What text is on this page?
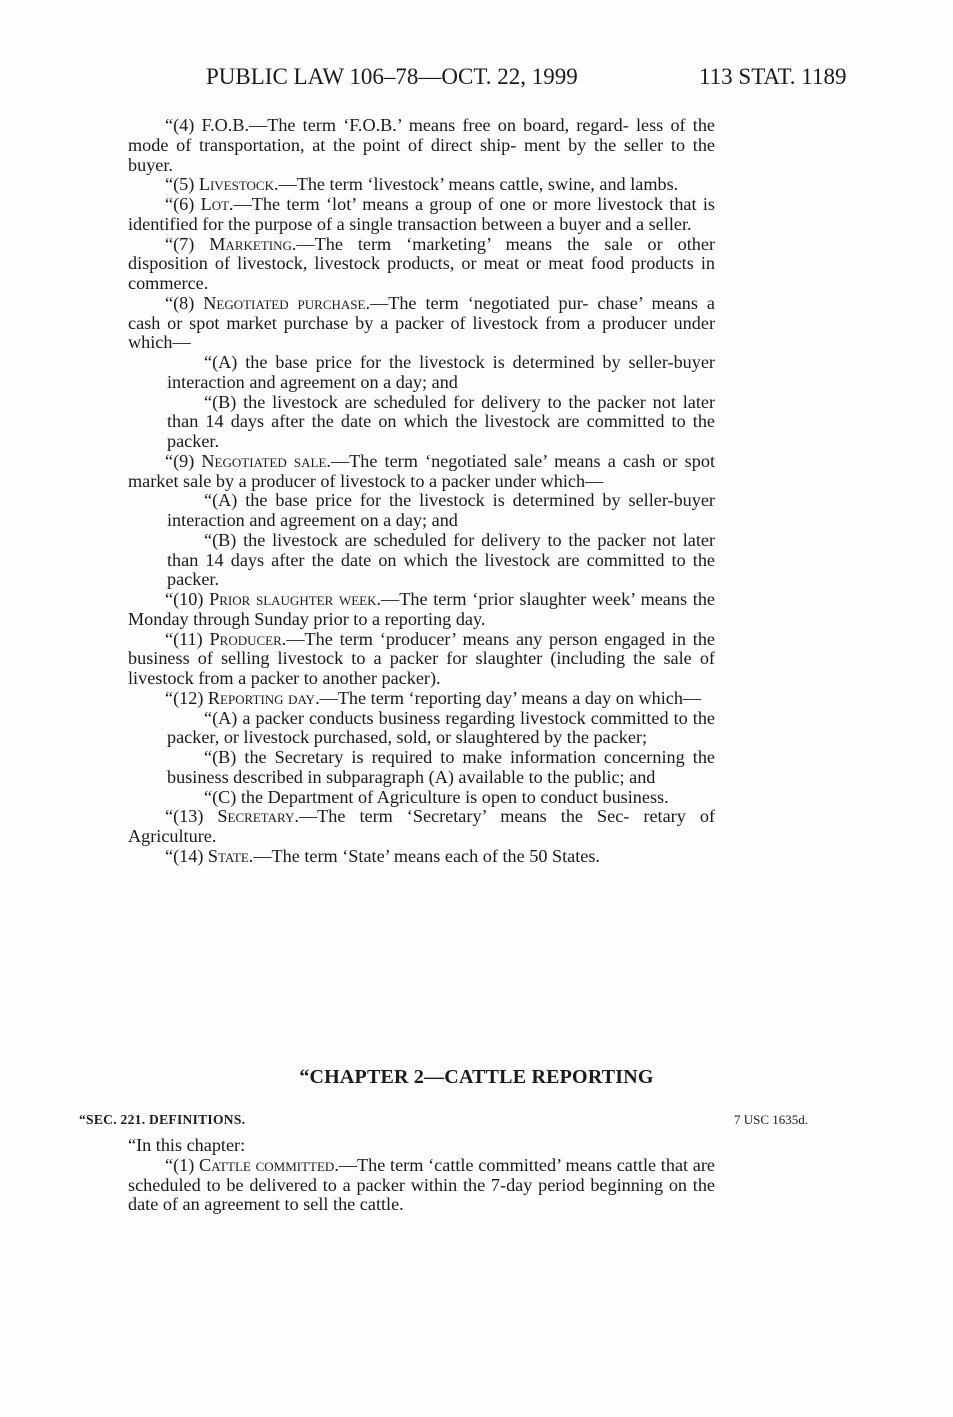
PUBLIC LAW 106–78—OCT. 22, 1999	113 STAT. 1189

“(4) F.O.B.—The term ‘F.O.B.’ means free on board, regard- less of the mode of transportation, at the point of direct ship- ment by the seller to the buyer.

“(5) Livestock.—The term ‘livestock’ means cattle, swine, and lambs.

“(6) Lot.—The term ‘lot’ means a group of one or more livestock that is identified for the purpose of a single transaction between a buyer and a seller.

“(7) Marketing.—The term ‘marketing’ means the sale or other disposition of livestock, livestock products, or meat or meat food products in commerce.

“(8) Negotiated purchase.—The term ‘negotiated pur- chase’ means a cash or spot market purchase by a packer of livestock from a producer under which—

“(A) the base price for the livestock is determined by seller-buyer interaction and agreement on a day; and

“(B) the livestock are scheduled for delivery to the packer not later than 14 days after the date on which the livestock are committed to the packer.

“(9) Negotiated sale.—The term ‘negotiated sale’ means a cash or spot market sale by a producer of livestock to a packer under which—

“(A) the base price for the livestock is determined by seller-buyer interaction and agreement on a day; and

“(B) the livestock are scheduled for delivery to the packer not later than 14 days after the date on which the livestock are committed to the packer.

“(10) Prior slaughter week.—The term ‘prior slaughter week’ means the Monday through Sunday prior to a reporting day.

“(11) Producer.—The term ‘producer’ means any person engaged in the business of selling livestock to a packer for slaughter (including the sale of livestock from a packer to another packer).

“(12) Reporting day.—The term ‘reporting day’ means a day on which—

“(A) a packer conducts business regarding livestock committed to the packer, or livestock purchased, sold, or slaughtered by the packer;

“(B) the Secretary is required to make information concerning the business described in subparagraph (A) available to the public; and

“(C) the Department of Agriculture is open to conduct business.

“(13) Secretary.—The term ‘Secretary’ means the Sec- retary of Agriculture.

“(14) State.—The term ‘State’ means each of the 50 States.

“CHAPTER 2—CATTLE REPORTING
“SEC. 221. DEFINITIONS.	7 USC 1635d.

“In this chapter:

“(1) Cattle committed.—The term ‘cattle committed’ means cattle that are scheduled to be delivered to a packer within the 7-day period beginning on the date of an agreement to sell the cattle.
